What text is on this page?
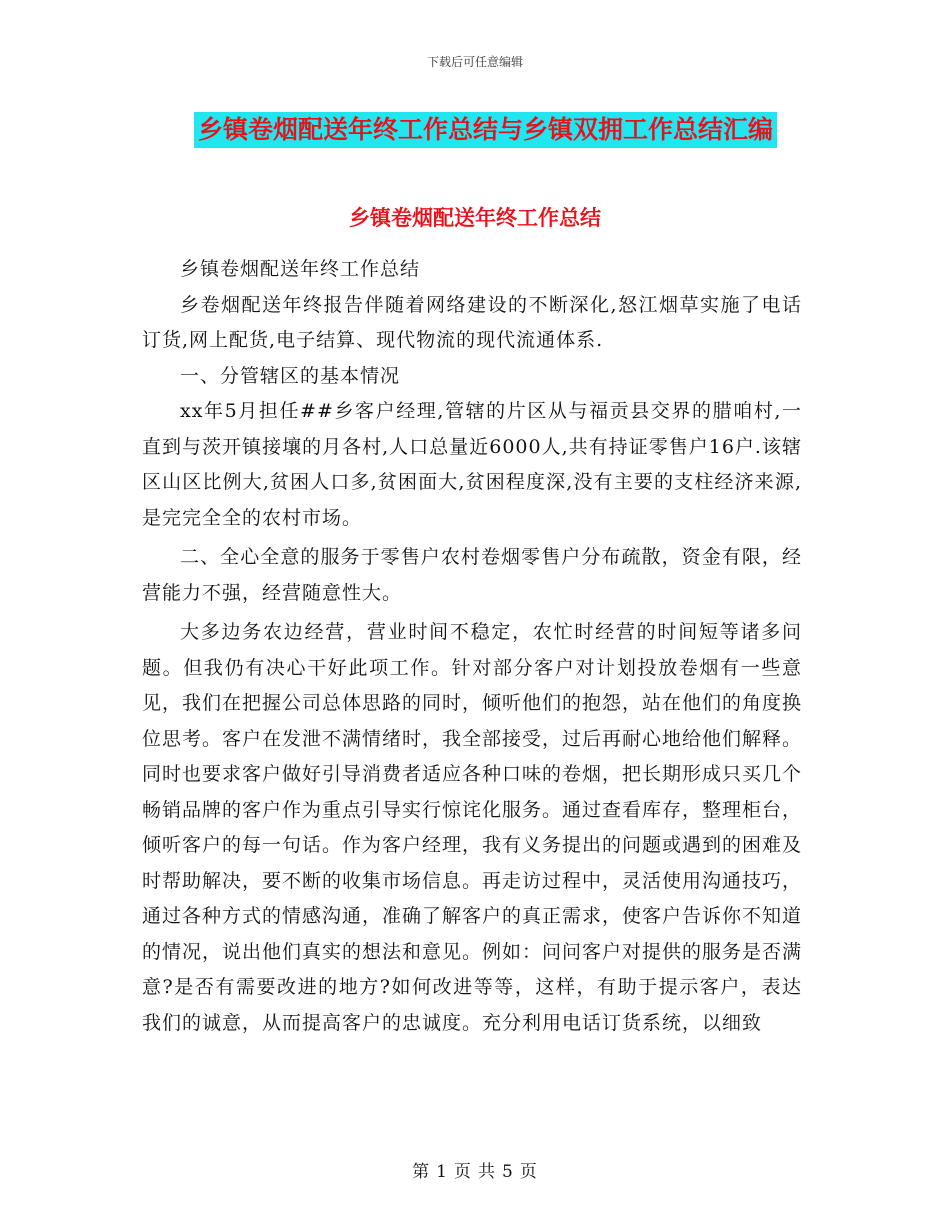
下载后可任意编辑
乡镇卷烟配送年终工作总结与乡镇双拥工作总结汇编
乡镇卷烟配送年终工作总结

乡镇卷烟配送年终工作总结

乡卷烟配送年终报告伴随着网络建设的不断深化,怒江烟草实施了电话订货,网上配货,电子结算、现代物流的现代流通体系.

一、分管辖区的基本情况

xx年5月担任##乡客户经理,管辖的片区从与福贡县交界的腊咱村,一直到与茨开镇接壤的月各村,人口总量近6000人,共有持证零售户16户.该辖区山区比例大,贫困人口多,贫困面大,贫困程度深,没有主要的支柱经济来源,是完完全全的农村市场。

二、全心全意的服务于零售户农村卷烟零售户分布疏散，资金有限，经营能力不强，经营随意性大。

大多边务农边经营，营业时间不稳定，农忙时经营的时间短等诸多问题。但我仍有决心干好此项工作。针对部分客户对计划投放卷烟有一些意见，我们在把握公司总体思路的同时，倾听他们的抱怨，站在他们的角度换位思考。客户在发泄不满情绪时，我全部接受，过后再耐心地给他们解释。同时也要求客户做好引导消费者适应各种口味的卷烟，把长期形成只买几个畅销品牌的客户作为重点引导实行惊诧化服务。通过查看库存，整理柜台，倾听客户的每一句话。作为客户经理，我有义务提出的问题或遇到的困难及时帮助解决，要不断的收集市场信息。再走访过程中，灵活使用沟通技巧，通过各种方式的情感沟通，准确了解客户的真正需求，使客户告诉你不知道的情况，说出他们真实的想法和意见。例如：问问客户对提供的服务是否满意?是否有需要改进的地方?如何改进等等，这样，有助于提示客户，表达我们的诚意，从而提高客户的忠诚度。充分利用电话订货系统，以细致

第 1 页 共 5 页
